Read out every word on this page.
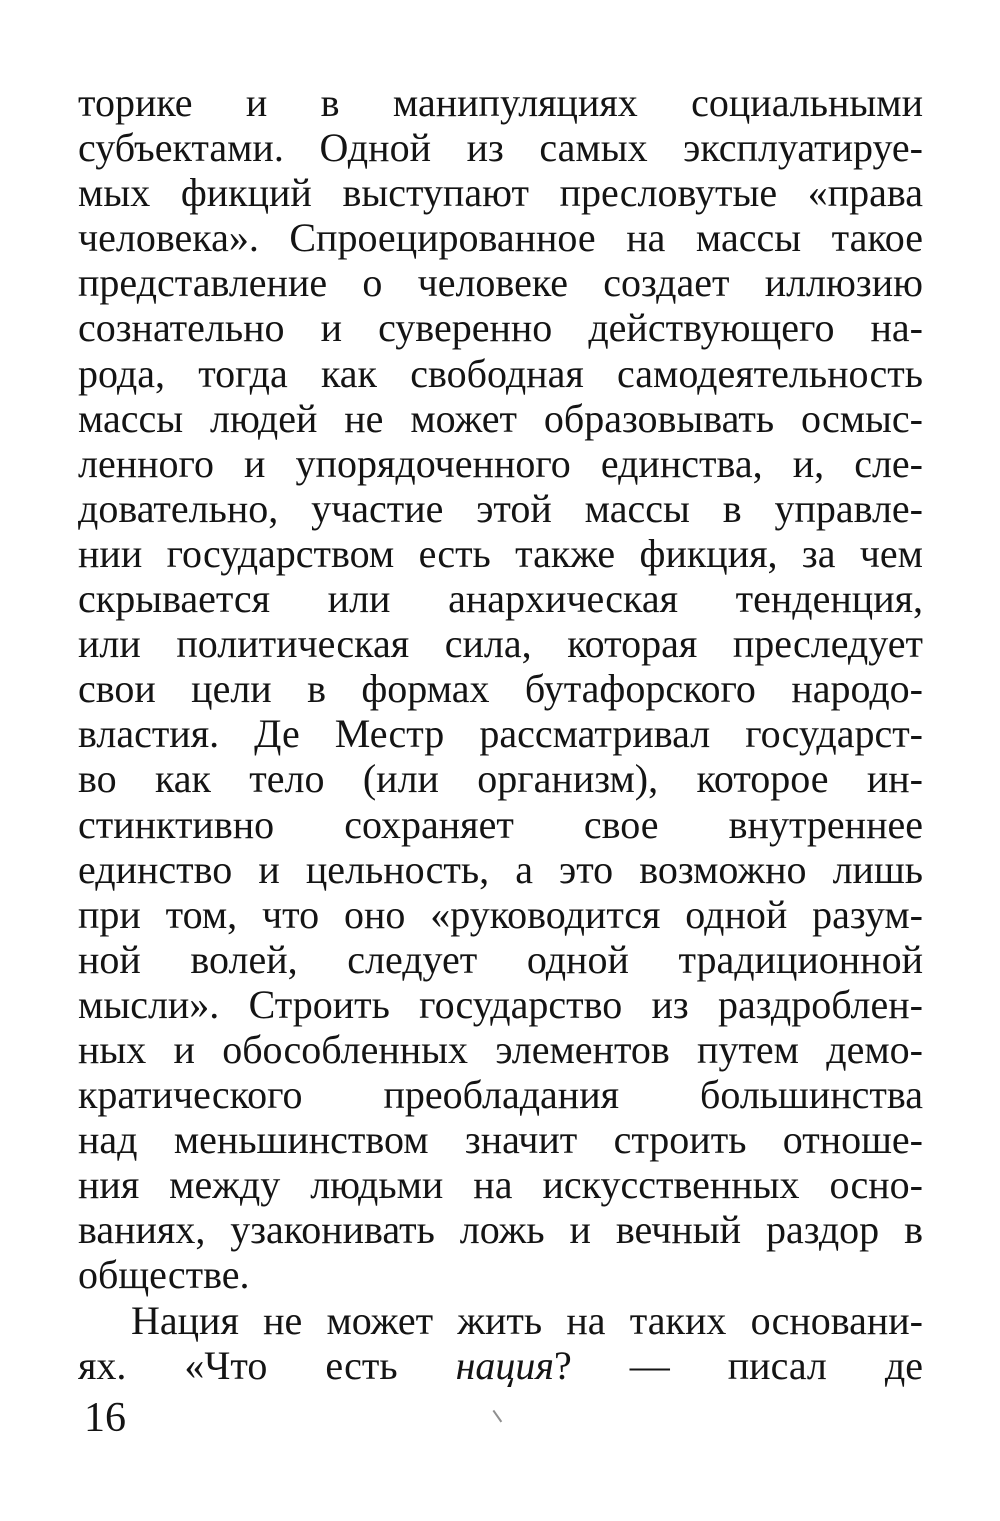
торике и в манипуляциях социальными
субъектами. Одной из самых эксплуатируе-
мых фикций выступают пресловутые «права
человека». Спроецированное на массы такое
представление о человеке создает иллюзию
сознательно и суверенно действующего на-
рода, тогда как свободная самодеятельность
массы людей не может образовывать осмыс-
ленного и упорядоченного единства, и, сле-
довательно, участие этой массы в управле-
нии государством есть также фикция, за чем
скрывается или анархическая тенденция,
или политическая сила, которая преследует
свои цели в формах бутафорского народо-
властия. Де Местр рассматривал государст-
во как тело (или организм), которое ин-
стинктивно сохраняет свое внутреннее
единство и цельность, а это возможно лишь
при том, что оно «руководится одной разум-
ной волей, следует одной традиционной
мысли». Строить государство из раздроблен-
ных и обособленных элементов путем демо-
кратического преобладания большинства
над меньшинством значит строить отноше-
ния между людьми на искусственных осно-
ваниях, узаконивать ложь и вечный раздор в
обществе.
Нация не может жить на таких основани-
ях. «Что есть нация? — писал де
16
